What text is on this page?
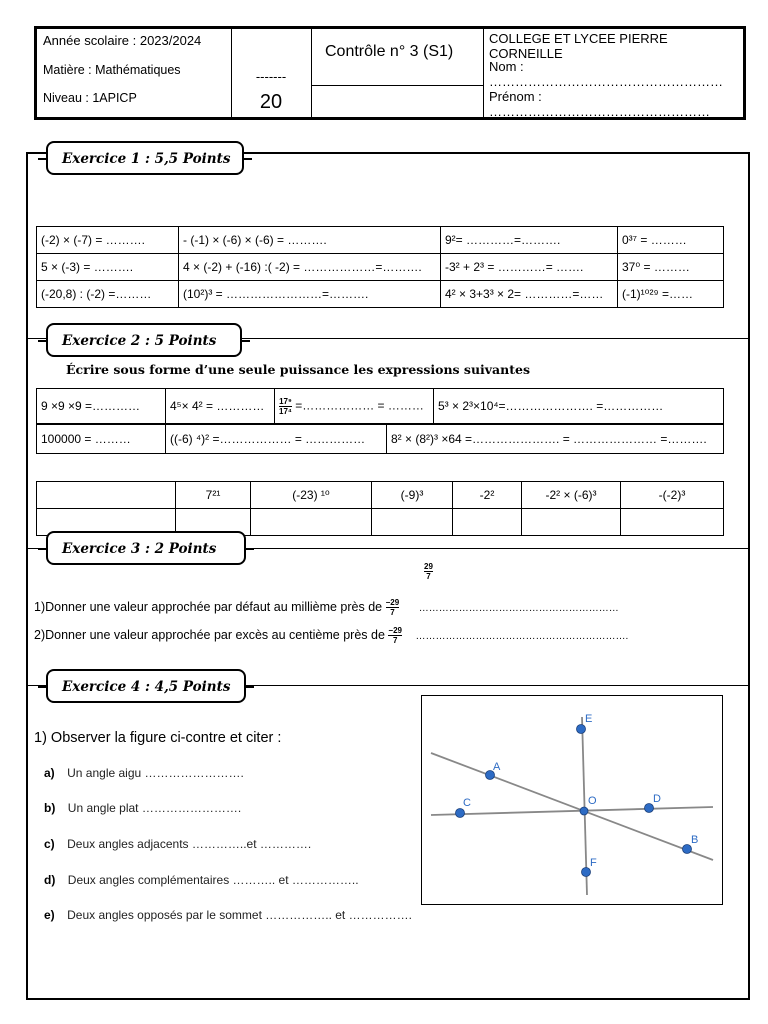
Année scolaire : 2023/2024
Matière : Mathématiques
Niveau : 1APICP
-------
20
Contrôle n° 3 (S1)
COLLEGE ET LYCEE PIERRE CORNEILLE
Nom : ………………………………………………
Prénom : ……………………………………………
Exercice 1 : 5,5 Points
(-2) × (-7) = ……….	- (-1) × (-6) × (-6) = ……….	9²= …………=……….	0³⁷ = ………
5 × (-3) = ……….	4 × (-2) + (-16) :( -2) = ………………=……….	-3² + 2³ = …………= …….	37⁰ = ………
(-20,8) : (-2) =………	(10²)³ = ……………………=……….	4² × 3+3³ × 2= …………=……	(-1)¹⁰²⁹ =……
Exercice 2 : 5 Points
Écrire sous forme d’une seule puissance les expressions suivantes
9 ×9 ×9 =…………	4⁵× 4² = …………	$\frac{\text{17⁹}}{\text{17⁴}}$ =……………… = ………	5³ × 2³×10⁴=…………………. =……………
100000 = ………	((-6) ⁴)² =……………… = ……………	8² × (8²)³ ×64 =…………………. = ………………… =……….
	7²¹	(-23) ¹⁰	(-9)³	-2²	-2² × (-6)³	-(-2)³

Exercice 3 : 2 Points
$\frac{29}{7}$
1)Donner une valeur approchée par défaut au millième près de $\frac{-29}{7}$ ……………………………………………………
2)Donner une valeur approchée par excès au centième près de $\frac{-29}{7}$ ……………………………………………………….
Exercice 4 : 4,5 Points
1) Observer la figure ci-contre et citer :
a) Un angle aigu …………………….
b) Un angle plat …………………….
c) Deux angles adjacents …………..et ………….
d) Deux angles complémentaires ……….. et ……………..
e) Deux angles opposés par le sommet …………….. et …………….
A
B
C	D
E
F
O
